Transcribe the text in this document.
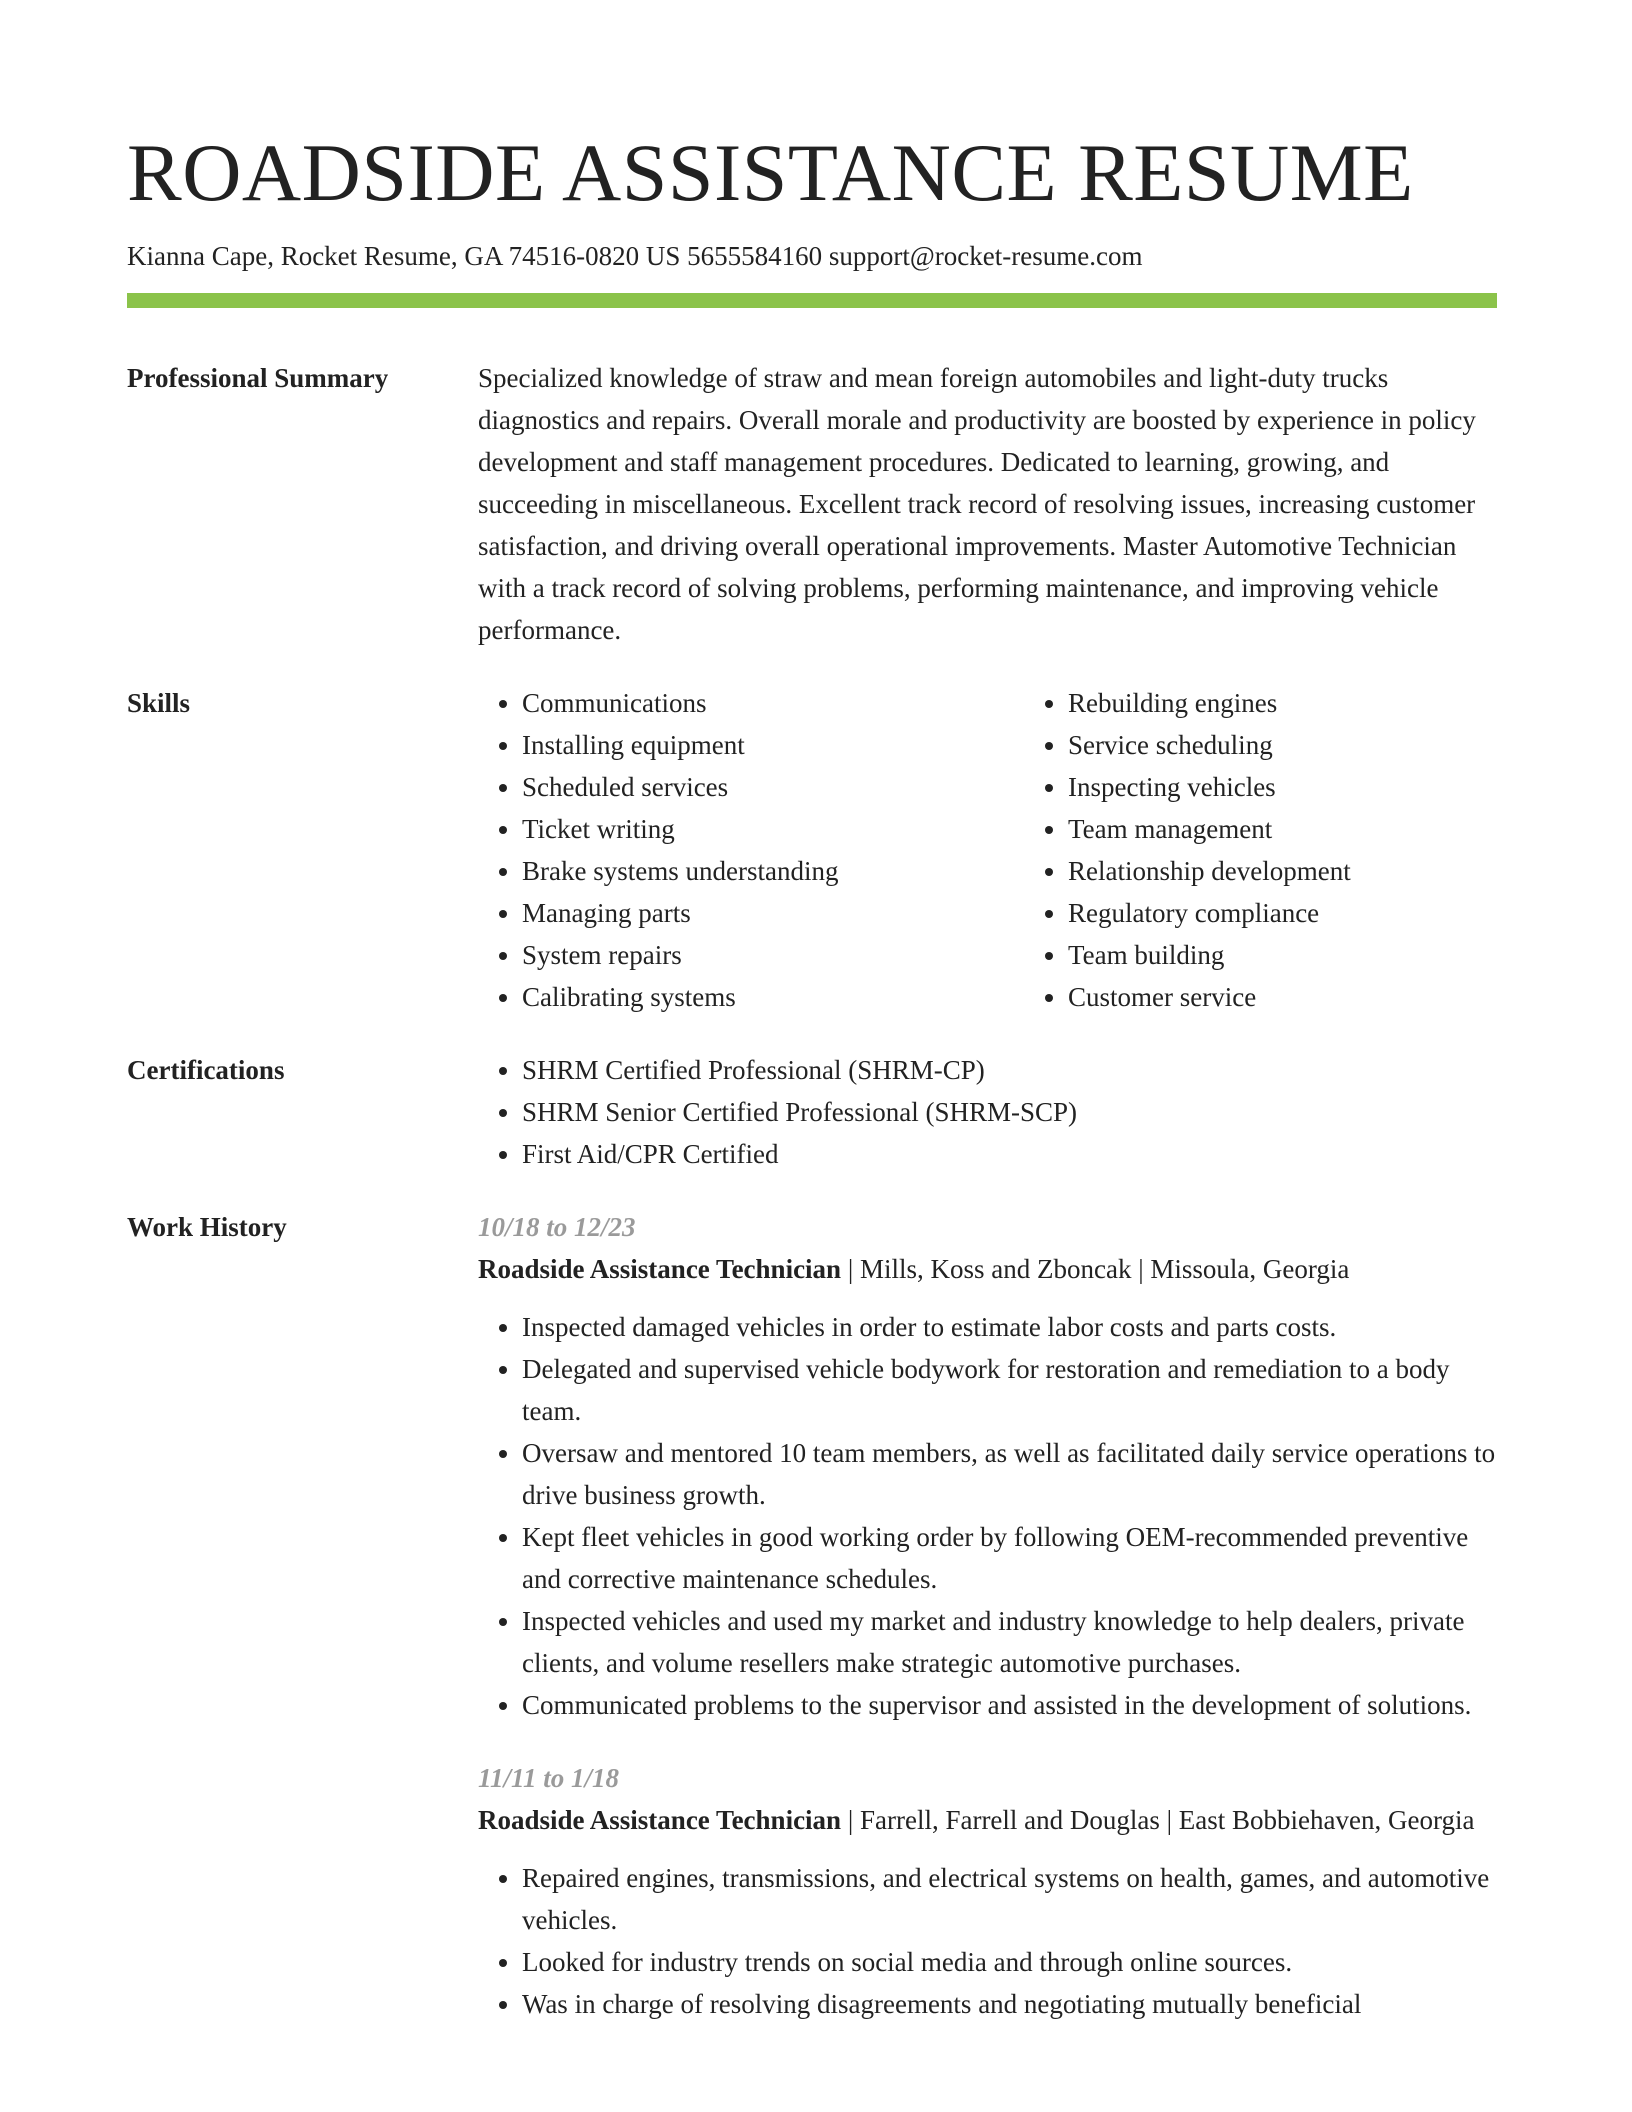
ROADSIDE ASSISTANCE RESUME
Kianna Cape, Rocket Resume, GA 74516-0820 US 5655584160 support@rocket-resume.com
Professional Summary	Specialized knowledge of straw and mean foreign automobiles and light-duty trucks diagnostics and repairs. Overall morale and productivity are boosted by experience in policy development and staff management procedures. Dedicated to learning, growing, and succeeding in miscellaneous. Excellent track record of resolving issues, increasing customer satisfaction, and driving overall operational improvements. Master Automotive Technician with a track record of solving problems, performing maintenance, and improving vehicle performance.

Skills	• Communications
• Installing equipment
• Scheduled services
• Ticket writing
• Brake systems understanding
• Managing parts
• System repairs
• Calibrating systems
• Rebuilding engines
• Service scheduling
• Inspecting vehicles
• Team management
• Relationship development
• Regulatory compliance
• Team building
• Customer service
Certifications	• SHRM Certified Professional (SHRM-CP)
• SHRM Senior Certified Professional (SHRM-SCP)
• First Aid/CPR Certified
Work History	10/18 to 12/23

Roadside Assistance Technician | Mills, Koss and Zboncak | Missoula, Georgia

• Inspected damaged vehicles in order to estimate labor costs and parts costs.
• Delegated and supervised vehicle bodywork for restoration and remediation to a body team.
• Oversaw and mentored 10 team members, as well as facilitated daily service operations to drive business growth.
• Kept fleet vehicles in good working order by following OEM-recommended preventive and corrective maintenance schedules.
• Inspected vehicles and used my market and industry knowledge to help dealers, private clients, and volume resellers make strategic automotive purchases.
• Communicated problems to the supervisor and assisted in the development of solutions.
11/11 to 1/18

Roadside Assistance Technician | Farrell, Farrell and Douglas | East Bobbiehaven, Georgia

• Repaired engines, transmissions, and electrical systems on health, games, and automotive vehicles.
• Looked for industry trends on social media and through online sources.
• Was in charge of resolving disagreements and negotiating mutually beneficial
